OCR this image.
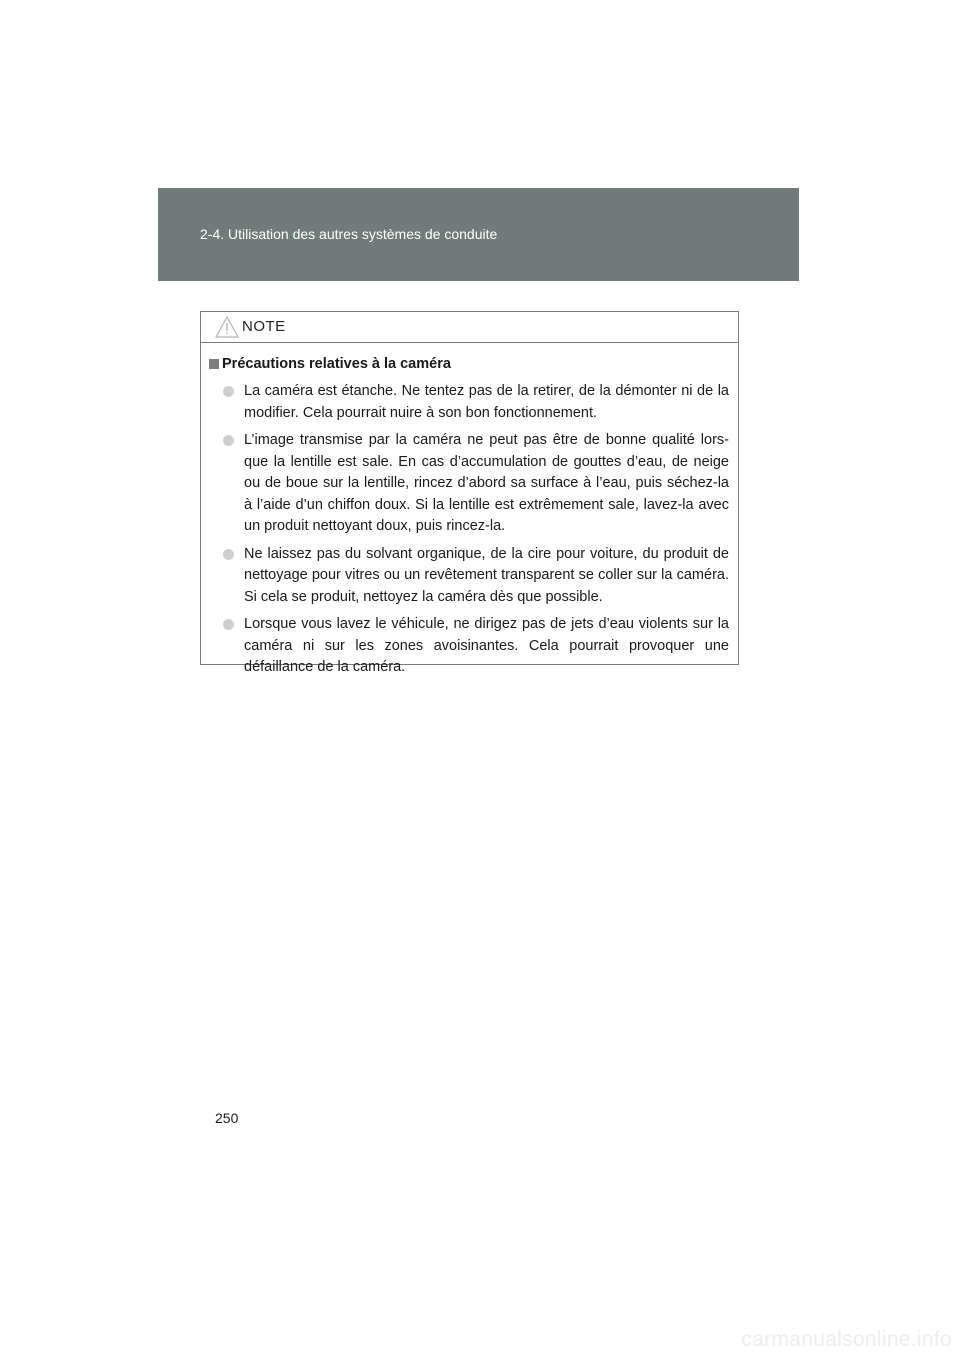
2-4. Utilisation des autres systèmes de conduite
NOTE
Précautions relatives à la caméra
La caméra est étanche. Ne tentez pas de la retirer, de la démonter ni de la modifier. Cela pourrait nuire à son bon fonctionnement.
L’image transmise par la caméra ne peut pas être de bonne qualité lors-que la lentille est sale. En cas d’accumulation de gouttes d’eau, de neige ou de boue sur la lentille, rincez d’abord sa surface à l’eau, puis séchez-la à l’aide d’un chiffon doux. Si la lentille est extrêmement sale, lavez-la avec un produit nettoyant doux, puis rincez-la.
Ne laissez pas du solvant organique, de la cire pour voiture, du produit de nettoyage pour vitres ou un revêtement transparent se coller sur la caméra. Si cela se produit, nettoyez la caméra dès que possible.
Lorsque vous lavez le véhicule, ne dirigez pas de jets d’eau violents sur la caméra ni sur les zones avoisinantes. Cela pourrait provoquer une défaillance de la caméra.
250
carmanualsonline.info
